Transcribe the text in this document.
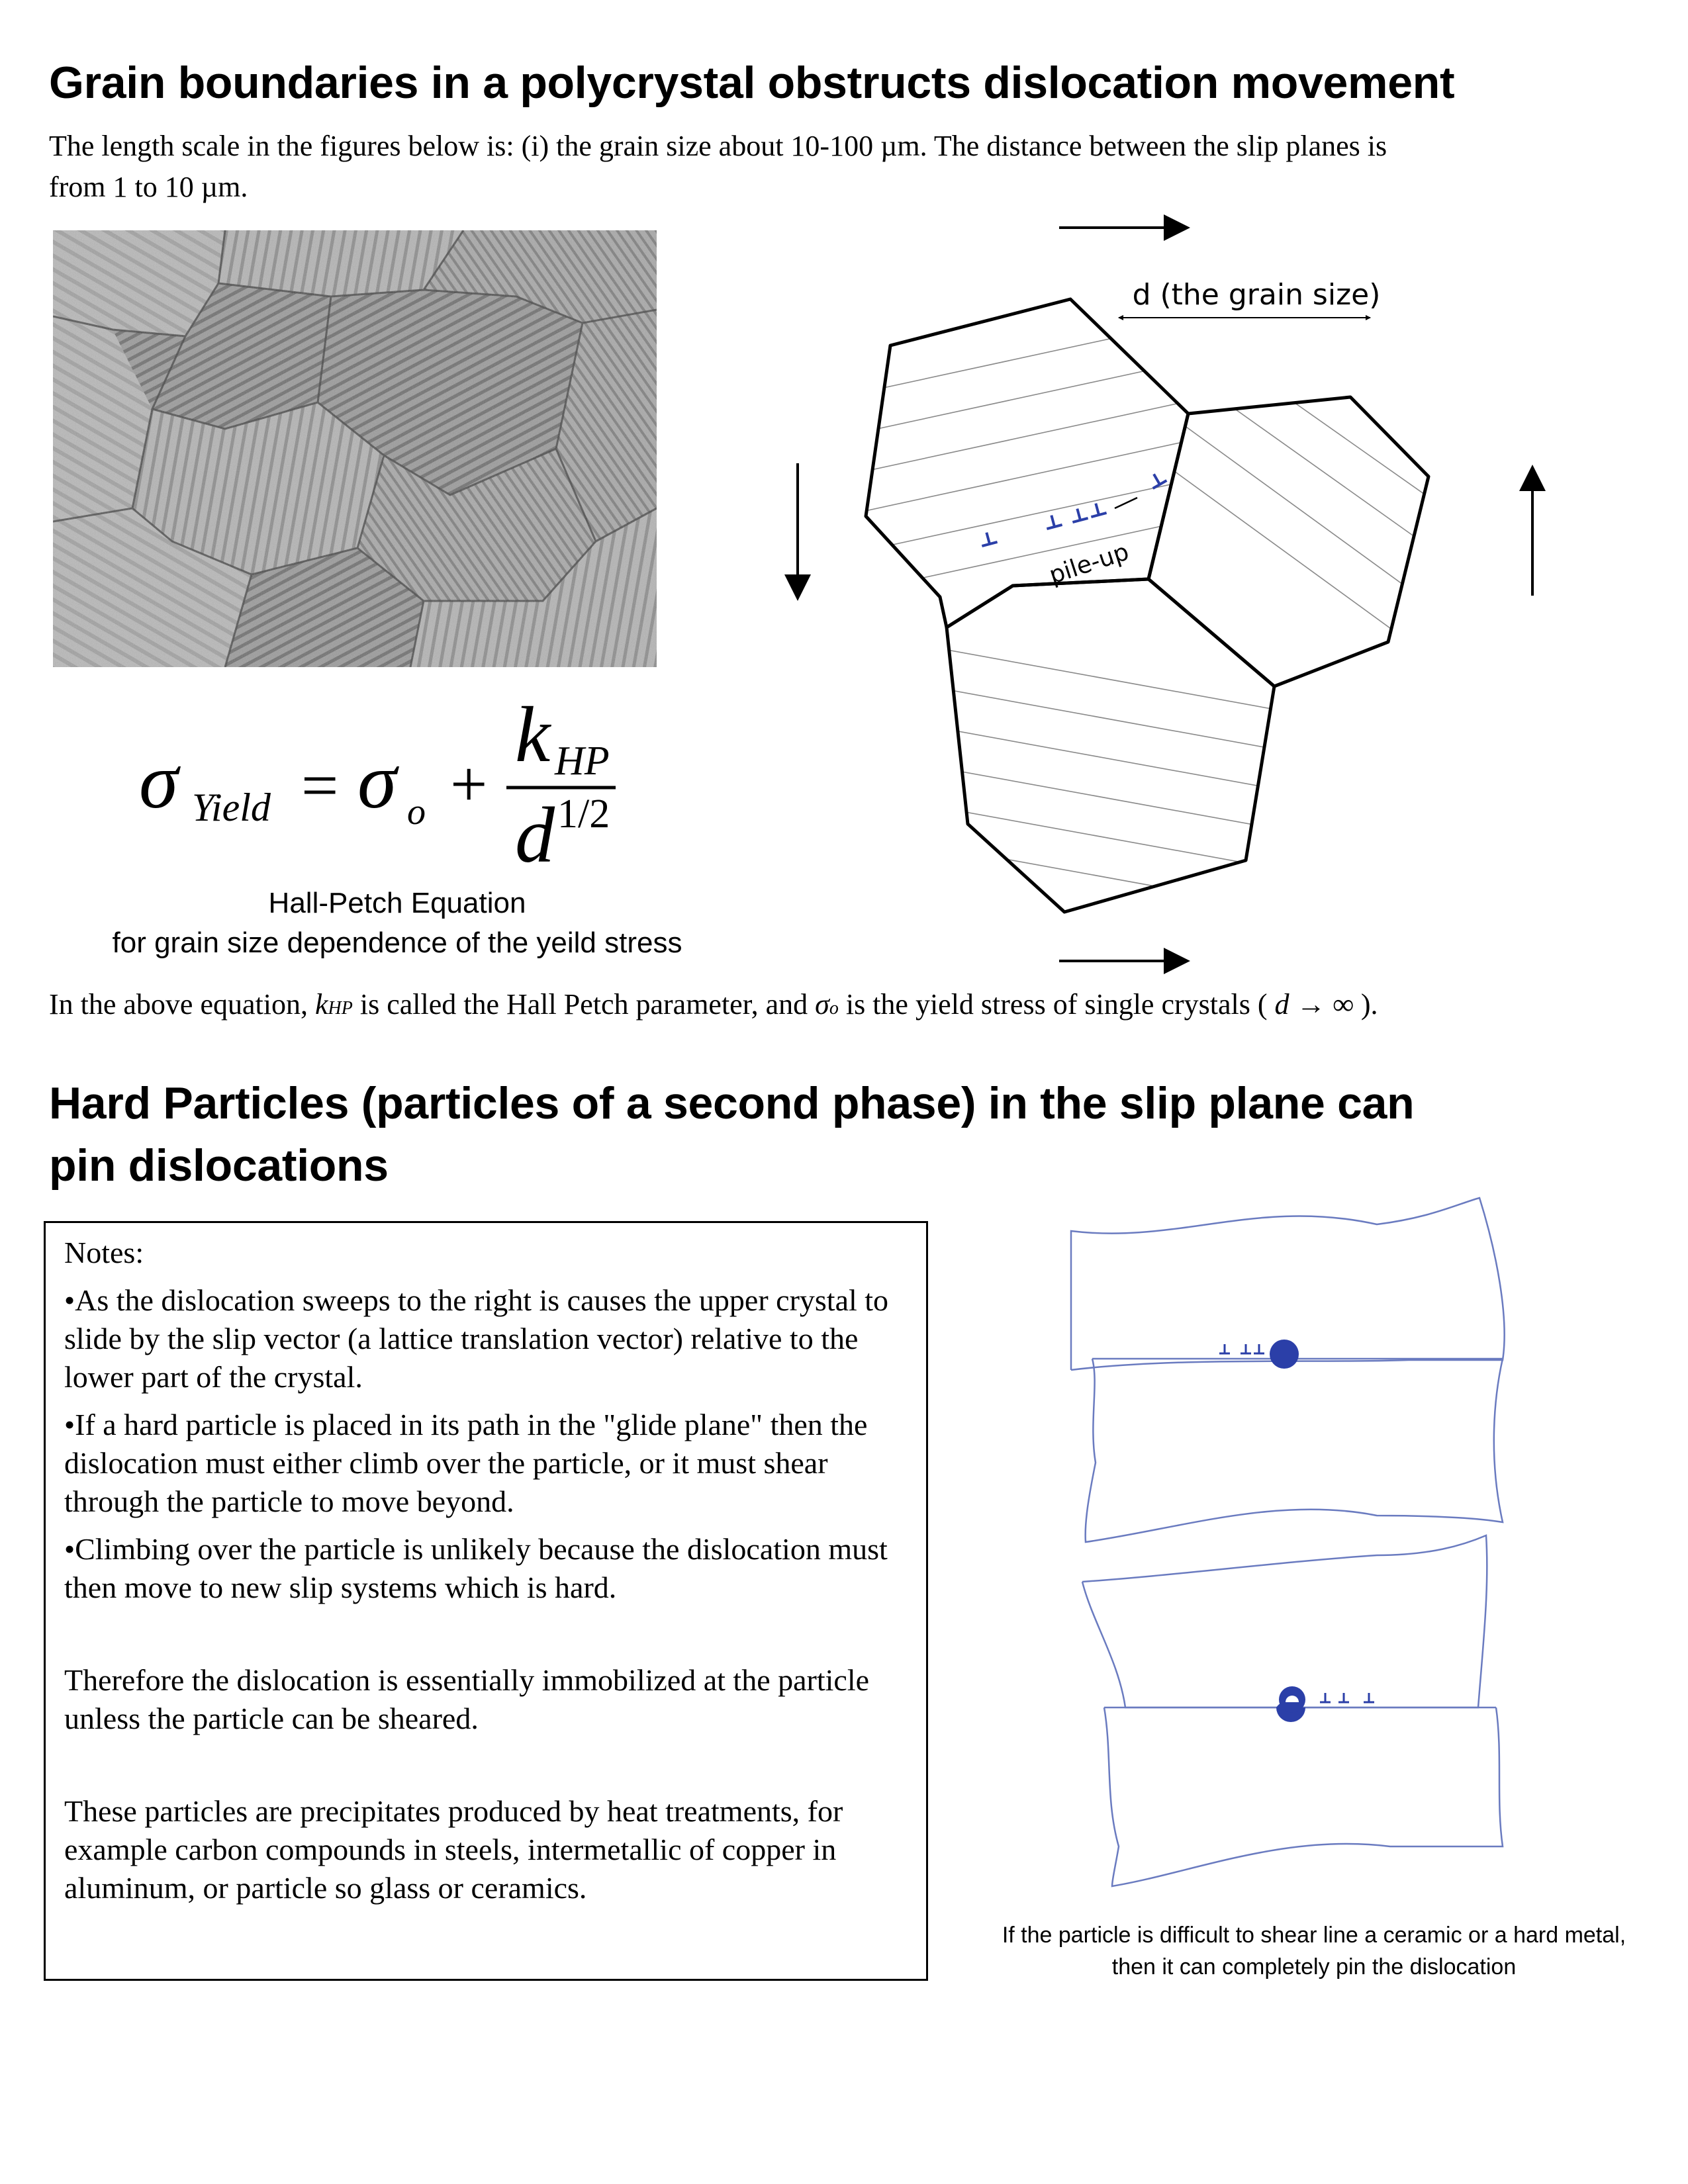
Grain boundaries in a polycrystal obstructs dislocation movement
The length scale in the figures below is: (i) the grain size about 10-100 µm. The distance between the slip planes is
from 1 to 10 µm.
d (the grain size)
pile-up
σ Yield = σ o +
k HP
d 1/2
Hall-Petch Equation
for grain size dependence of the yeild stress
In the above equation, kHP is called the Hall Petch parameter, and σo is the yield stress of single crystals ( d → ∞ ).
Hard Particles (particles of a second phase) in the slip plane can
pin dislocations

Notes:

•As the dislocation sweeps to the right is causes the upper crystal to slide by the slip vector (a lattice translation vector) relative to the lower part of the crystal.

•If a hard particle is placed in its path in the "glide plane" then the dislocation must either climb over the particle, or it must shear through the particle to move beyond.

•Climbing over the particle is unlikely because the dislocation must then move to new slip systems which is hard.

Therefore the dislocation is essentially immobilized at the particle unless the particle can be sheared.

These particles are precipitates produced by heat treatments, for example carbon compounds in steels, intermetallic of copper in aluminum, or particle so glass or ceramics.

If the particle is difficult to shear line a ceramic or a hard metal,
then it can completely pin the dislocation
